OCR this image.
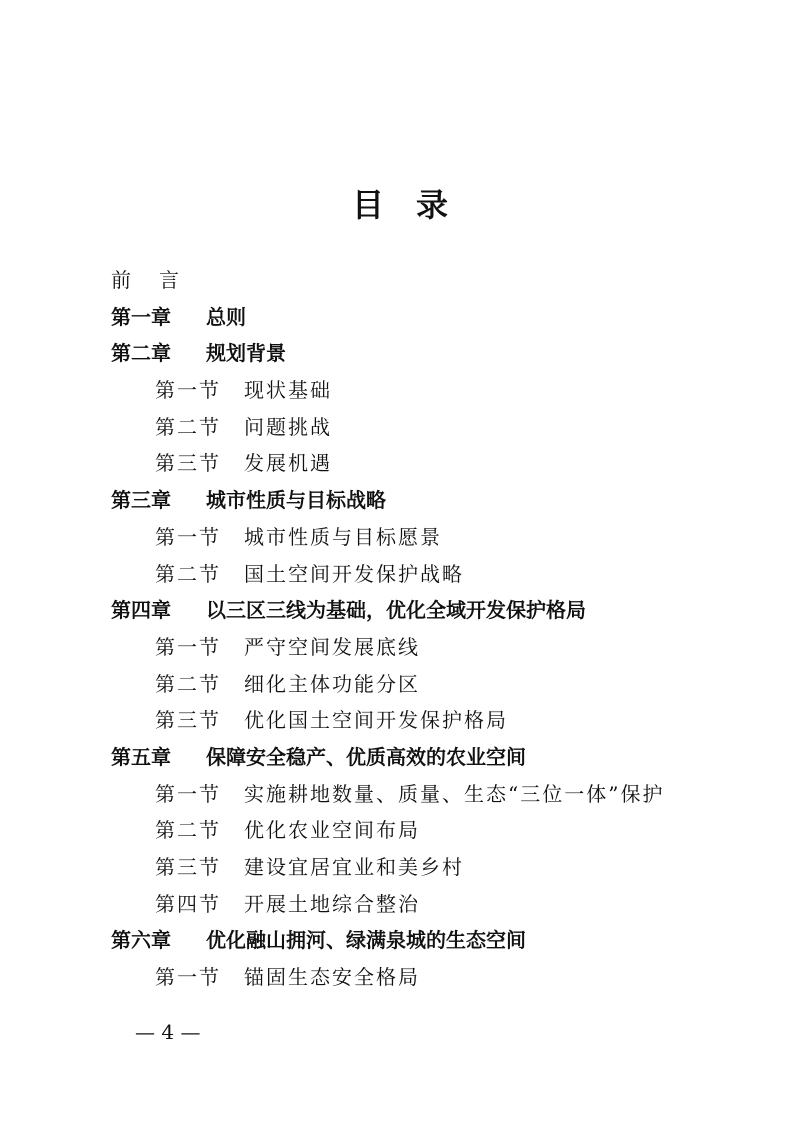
目录
前言
第一章 总则
第二章 规划背景
第一节 现状基础
第二节 问题挑战
第三节 发展机遇
第三章 城市性质与目标战略
第一节 城市性质与目标愿景
第二节 国土空间开发保护战略
第四章 以三区三线为基础，优化全域开发保护格局
第一节 严守空间发展底线
第二节 细化主体功能分区
第三节 优化国土空间开发保护格局
第五章 保障安全稳产、优质高效的农业空间
第一节 实施耕地数量、质量、生态“三位一体”保护
第二节 优化农业空间布局
第三节 建设宜居宜业和美乡村
第四节 开展土地综合整治
第六章 优化融山拥河、绿满泉城的生态空间
第一节 锚固生态安全格局
— 4 —
